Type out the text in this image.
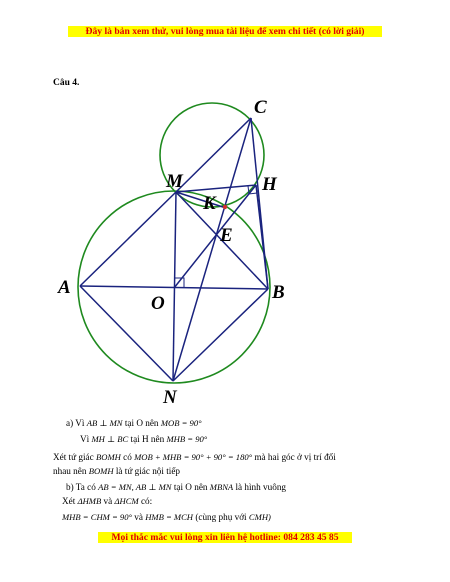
Đây là bản xem thử, vui lòng mua tài liệu để xem chi tiết (có lời giải)
Câu 4.
C
M	H
K
E
A
O
B
N
a) Vì AB ⊥ MN tại O nên MOB = 90°
Vì MH ⊥ BC tại H nên MHB = 90°
Xét tứ giác BOMH có MOB + MHB = 90° + 90° = 180° mà hai góc ở vị trí đối
nhau nên BOMH là tứ giác nội tiếp
b) Ta có AB = MN, AB ⊥ MN tại O nên MBNA là hình vuông
Xét ΔHMB và ΔHCM có:
MHB = CHM = 90° và HMB = MCH (cùng phụ với CMH)
Mọi thắc mắc vui lòng xin liên hệ hotline: 084 283 45 85
